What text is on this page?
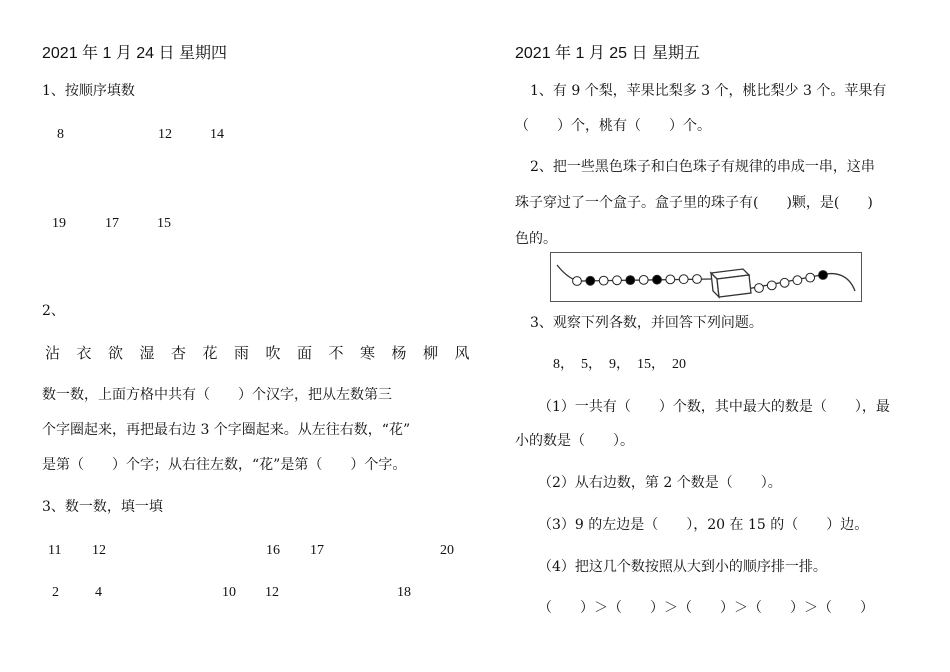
2021 年 1 月 24 日 星期四
1、按顺序填数
8	12	14
19	17	15
2、
沾衣欲湿杏花雨吹面不寒杨柳风
数一数，上面方格中共有（　　）个汉字，把从左数第三
个字圈起来，再把最右边 3 个字圈起来。从左往右数，“花”
是第（　　）个字；从右往左数，“花”是第（　　）个字。
3、数一数，填一填
11 12	16 17	20
2	4	10 12	18
2021 年 1 月 25 日 星期五
1、有 9 个梨，苹果比梨多 3 个，桃比梨少 3 个。苹果有
（　　）个，桃有（　　）个。
2、把一些黑色珠子和白色珠子有规律的串成一串，这串
珠子穿过了一个盒子。盒子里的珠子有(　　)颗，是(　　)
色的。
3、观察下列各数，并回答下列问题。
8，　5，　9，　15，　20
（1）一共有（　　）个数，其中最大的数是（　　），最
小的数是（　　）。
（2）从右边数，第 2 个数是（　　）。
（3）9 的左边是（　　），20 在 15 的（　　）边。
（4）把这几个数按照从大到小的顺序排一排。
（　　）＞（　　）＞（　　）＞（　　）＞（　　）
